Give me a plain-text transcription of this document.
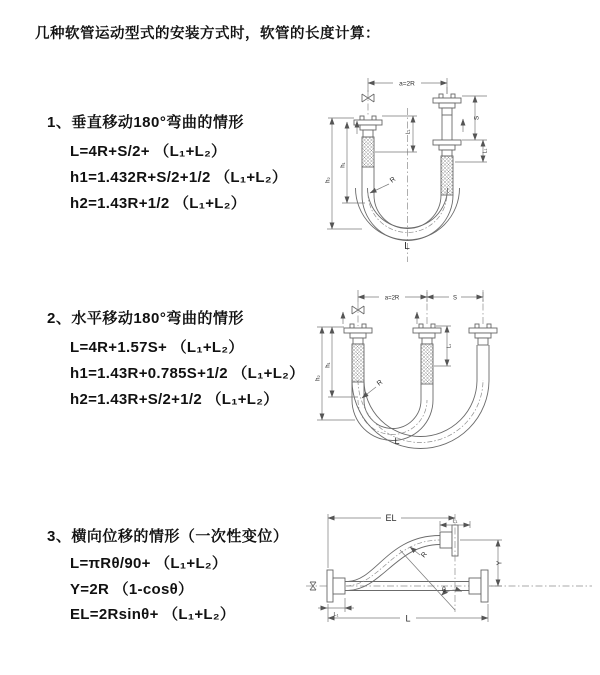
几种软管运动型式的安装方式时，软管的长度计算：
1、垂直移动180°弯曲的情形
L=4R+S/2+ （L₁+L₂）
h1=1.432R+S/2+1/2 （L₁+L₂）
h2=1.43R+1/2 （L₁+L₂）
2、水平移动180°弯曲的情形
L=4R+1.57S+ （L₁+L₂）
h1=1.43R+0.785S+1/2 （L₁+L₂）
h2=1.43R+S/2+1/2 （L₁+L₂）
3、横向位移的情形（一次性变位）
L=πRθ/90+ （L₁+L₂）
Y=2R （1-cosθ）
EL=2Rsinθ+ （L₁+L₂）
a=2R
R
L
h₁
h₂
S
L₁
L₁
a=2R	S
R
L
h₁
h₂
L₁
EL	L₁
Y
L
L₁
R
θ
